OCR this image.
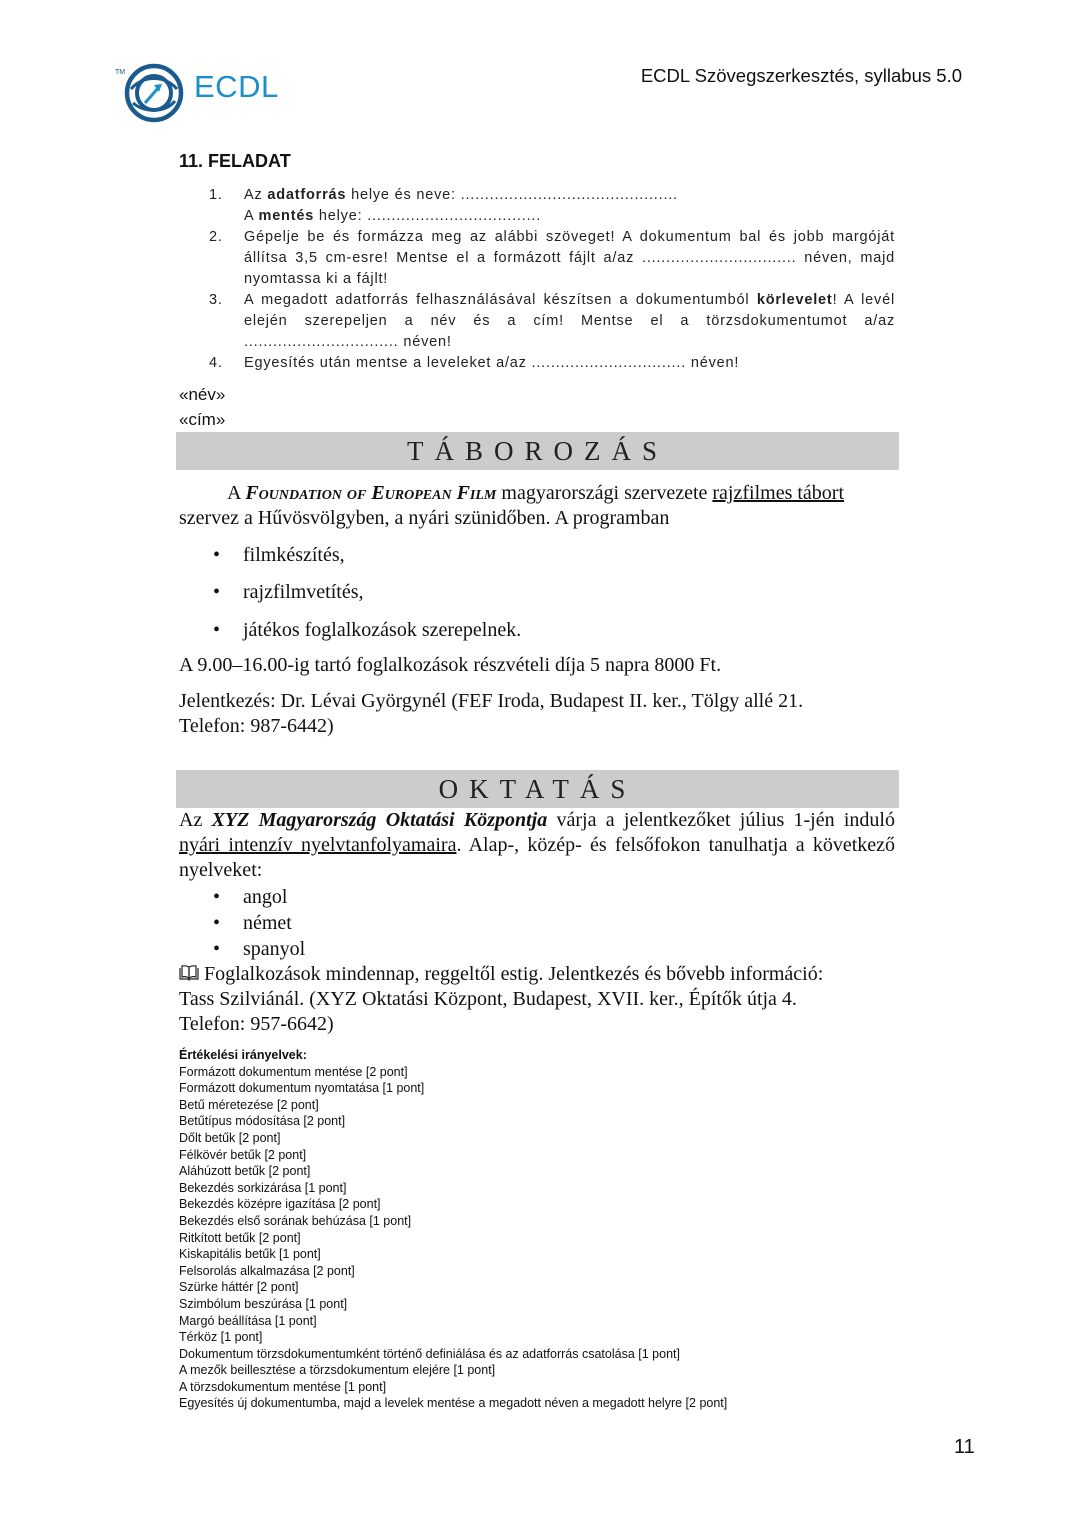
TM ECDL	ECDL Szövegszerkesztés, syllabus 5.0
11. FELADAT
1.	Az adatforrás helye és neve: .............................................
A mentés helye: ....................................
2.	Gépelje be és formázza meg az alábbi szöveget! A dokumentum bal és jobb margóját állítsa 3,5 cm-esre! Mentse el a formázott fájlt a/az ................................ néven, majd nyomtassa ki a fájlt!
3.	A megadott adatforrás felhasználásával készítsen a dokumentumból körlevelet! A levél elején szerepeljen a név és a cím! Mentse el a törzsdokumentumot a/az ................................ néven!
4.	Egyesítés után mentse a leveleket a/az ................................ néven!
«név»
«cím»
TÁBOROZÁS
A Foundation of European Film magyarországi szervezete rajzfilmes tábort szervez a Hűvösvölgyben, a nyári szünidőben. A programban
• filmkészítés,
• rajzfilmvetítés,
• játékos foglalkozások szerepelnek.
A 9.00–16.00-ig tartó foglalkozások részvételi díja 5 napra 8000 Ft.
Jelentkezés: Dr. Lévai Györgynél (FEF Iroda, Budapest II. ker., Tölgy allé 21.
Telefon: 987-6442)
OKTATÁS
Az XYZ Magyarország Oktatási Központja várja a jelentkezőket július 1-jén induló nyári intenzív nyelvtanfolyamaira. Alap-, közép- és felsőfokon tanulhatja a következő nyelveket:
• angol
• német
• spanyol
Foglalkozások mindennap, reggeltől estig. Jelentkezés és bővebb információ:
Tass Szilviánál. (XYZ Oktatási Központ, Budapest, XVII. ker., Építők útja 4.
Telefon: 957-6642)
Értékelési irányelvek:
Formázott dokumentum mentése [2 pont]
Formázott dokumentum nyomtatása [1 pont]
Betű méretezése [2 pont]
Betűtípus módosítása [2 pont]
Dőlt betűk [2 pont]
Félkövér betűk [2 pont]
Aláhúzott betűk [2 pont]
Bekezdés sorkizárása [1 pont]
Bekezdés középre igazítása [2 pont]
Bekezdés első sorának behúzása [1 pont]
Ritkított betűk [2 pont]
Kiskapitális betűk [1 pont]
Felsorolás alkalmazása [2 pont]
Szürke háttér [2 pont]
Szimbólum beszúrása [1 pont]
Margó beállítása [1 pont]
Térköz [1 pont]
Dokumentum törzsdokumentumként történő definiálása és az adatforrás csatolása [1 pont]
A mezők beillesztése a törzsdokumentum elejére [1 pont]
A törzsdokumentum mentése [1 pont]
Egyesítés új dokumentumba, majd a levelek mentése a megadott néven a megadott helyre [2 pont]
11
